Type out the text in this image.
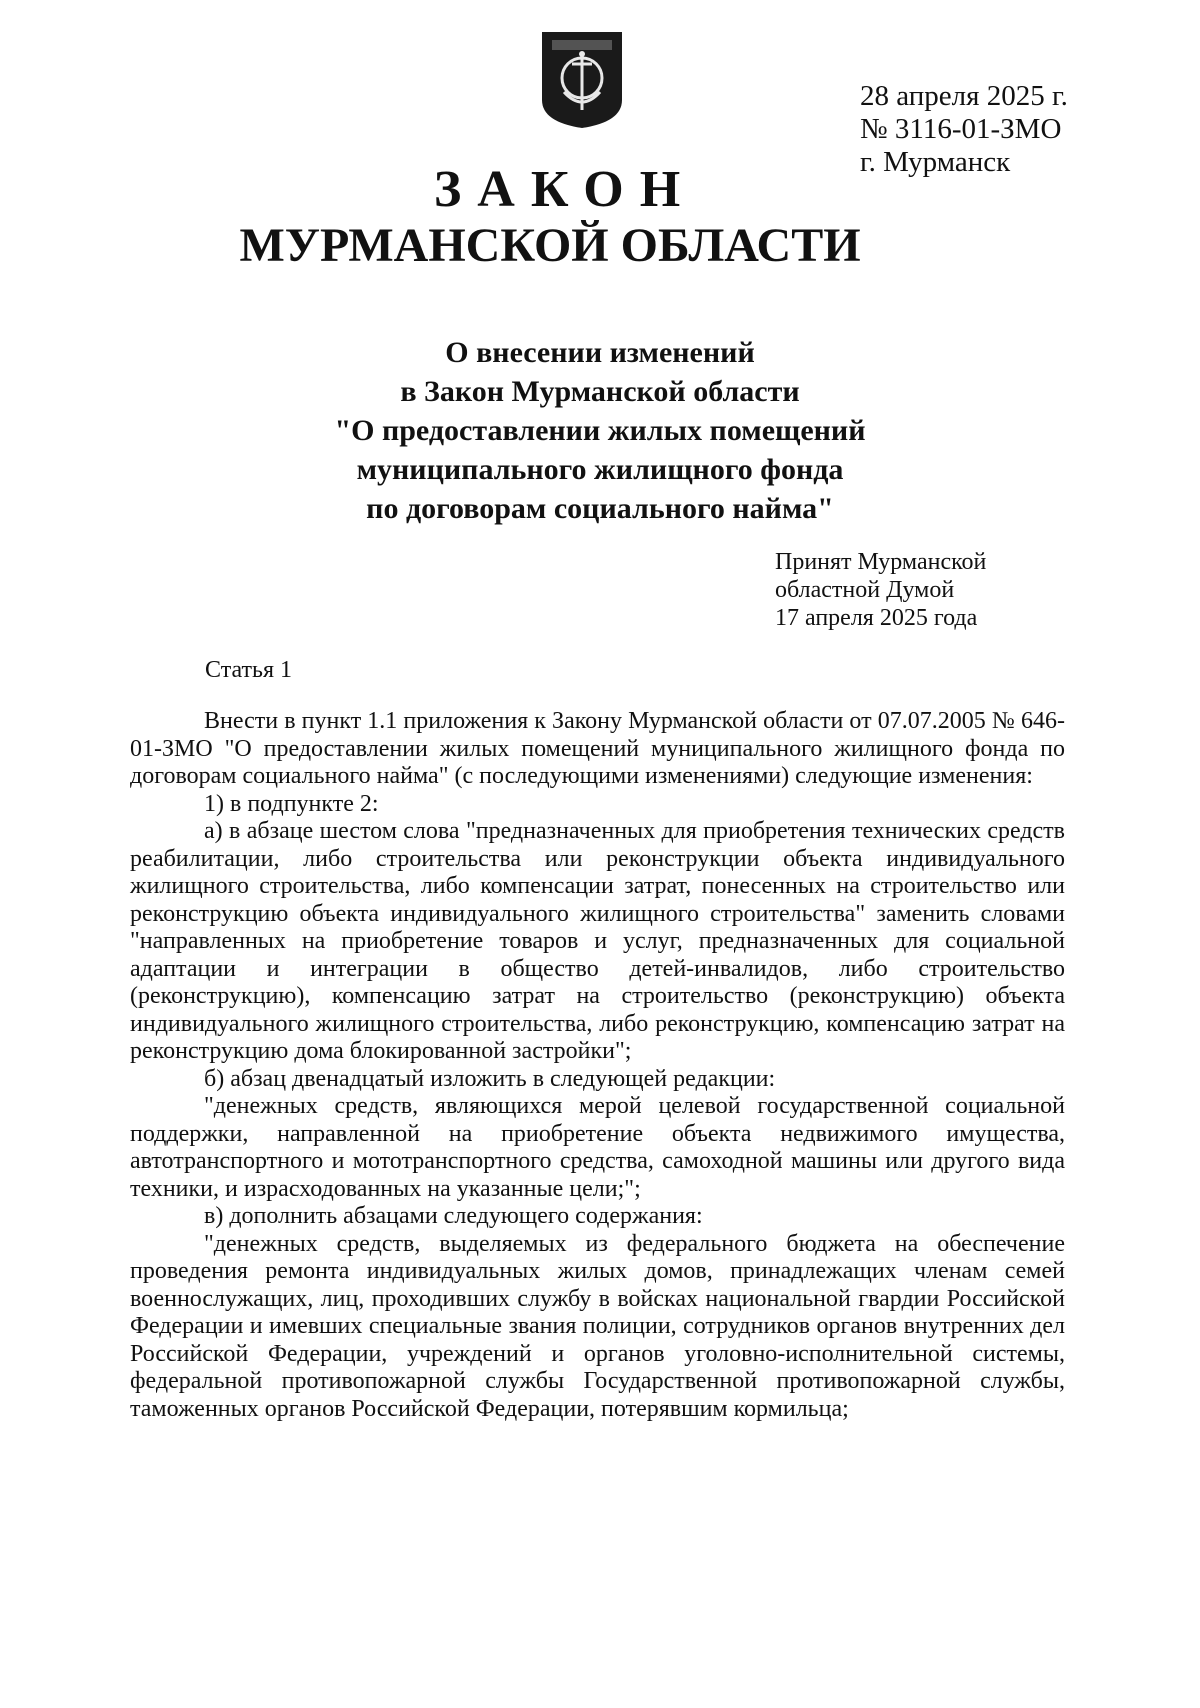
28 апреля 2025 г.
№ 3116-01-ЗМО
г. Мурманск
ЗАКОН
МУРМАНСКОЙ ОБЛАСТИ
О внесении изменений
в Закон Мурманской области
"О предоставлении жилых помещений
муниципального жилищного фонда
по договорам социального найма"
Принят Мурманской
областной Думой
17 апреля 2025 года
Статья 1

Внести в пункт 1.1 приложения к Закону Мурманской области от 07.07.2005 № 646-01-ЗМО "О предоставлении жилых помещений муниципального жилищного фонда по договорам социального найма" (с последующими изменениями) следующие изменения:

1) в подпункте 2:

а) в абзаце шестом слова "предназначенных для приобретения технических средств реабилитации, либо строительства или реконструкции объекта индивидуального жилищного строительства, либо компенсации затрат, понесенных на строительство или реконструкцию объекта индивидуального жилищного строительства" заменить словами "направленных на приобретение товаров и услуг, предназначенных для социальной адаптации и интеграции в общество детей-инвалидов, либо строительство (реконструкцию), компенсацию затрат на строительство (реконструкцию) объекта индивидуального жилищного строительства, либо реконструкцию, компенсацию затрат на реконструкцию дома блокированной застройки";

б) абзац двенадцатый изложить в следующей редакции:

"денежных средств, являющихся мерой целевой государственной социальной поддержки, направленной на приобретение объекта недвижимого имущества, автотранспортного и мототранспортного средства, самоходной машины или другого вида техники, и израсходованных на указанные цели;";

в) дополнить абзацами следующего содержания:

"денежных средств, выделяемых из федерального бюджета на обеспечение проведения ремонта индивидуальных жилых домов, принадлежащих членам семей военнослужащих, лиц, проходивших службу в войсках национальной гвардии Российской Федерации и имевших специальные звания полиции, сотрудников органов внутренних дел Российской Федерации, учреждений и органов уголовно-исполнительной системы, федеральной противопожарной службы Государственной противопожарной службы, таможенных органов Российской Федерации, потерявшим кормильца;
